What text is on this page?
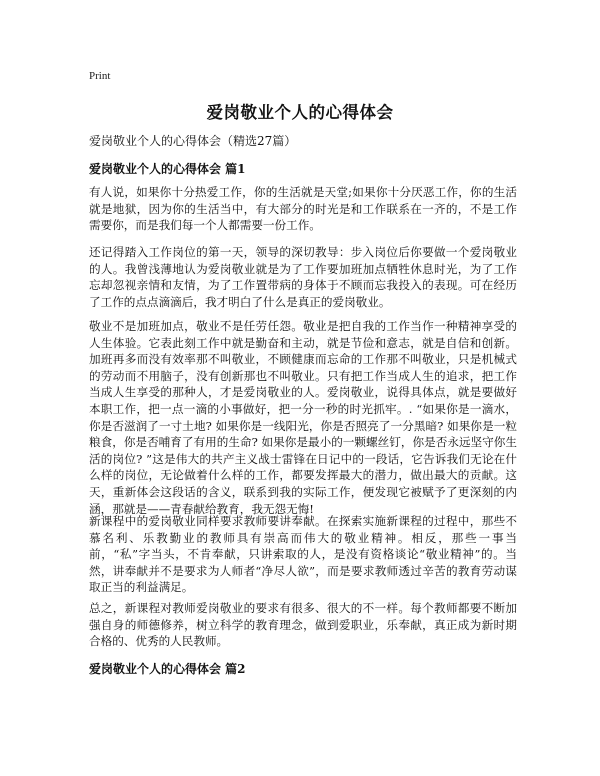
Print
爱岗敬业个人的心得体会
爱岗敬业个人的心得体会（精选27篇）
爱岗敬业个人的心得体会 篇1

有人说，如果你十分热爱工作，你的生活就是天堂;如果你十分厌恶工作，你的生活就是地狱，因为你的生活当中，有大部分的时光是和工作联系在一齐的，不是工作需要你，而是我们每一个人都需要一份工作。

还记得踏入工作岗位的第一天，领导的深切教导：步入岗位后你要做一个爱岗敬业的人。我曾浅薄地认为爱岗敬业就是为了工作要加班加点牺牲休息时光，为了工作忘却忽视亲情和友情，为了工作置带病的身体于不顾而忘我投入的表现。可在经历了工作的点点滴滴后，我才明白了什么是真正的爱岗敬业。

敬业不是加班加点，敬业不是任劳任怨。敬业是把自我的工作当作一种精神享受的人生体验。它表此刻工作中就是勤奋和主动，就是节俭和意志，就是自信和创新。加班再多而没有效率那不叫敬业，不顾健康而忘命的工作那不叫敬业，只是机械式的劳动而不用脑子，没有创新那也不叫敬业。只有把工作当成人生的追求，把工作当成人生享受的那种人，才是爱岗敬业的人。爱岗敬业，说得具体点，就是要做好本职工作，把一点一滴的小事做好，把一分一秒的时光抓牢。. “如果你是一滴水，你是否滋润了一寸土地? 如果你是一线阳光，你是否照亮了一分黑暗? 如果你是一粒粮食，你是否哺育了有用的生命? 如果你是最小的一颗螺丝钉，你是否永远坚守你生活的岗位? ”这是伟大的共产主义战士雷锋在日记中的一段话，它告诉我们无论在什么样的岗位，无论做着什么样的工作，都要发挥最大的潜力，做出最大的贡献。这天，重新体会这段话的含义，联系到我的实际工作，便发现它被赋予了更深刻的内涵，那就是——青春献给教育，我无怨无悔!

新课程中的爱岗敬业同样要求教师要讲奉献。在探索实施新课程的过程中，那些不慕名利、乐教勤业的教师具有崇高而伟大的敬业精神。相反，那些一事当前，“私”字当头，不肯奉献，只讲索取的人，是没有资格谈论“敬业精神”的。当然，讲奉献并不是要求为人师者“净尽人欲”，而是要求教师透过辛苦的教育劳动谋取正当的利益满足。

总之，新课程对教师爱岗敬业的要求有很多、很大的不一样。每个教师都要不断加强自身的师德修养，树立科学的教育理念，做到爱职业，乐奉献，真正成为新时期合格的、优秀的人民教师。

爱岗敬业个人的心得体会 篇2
